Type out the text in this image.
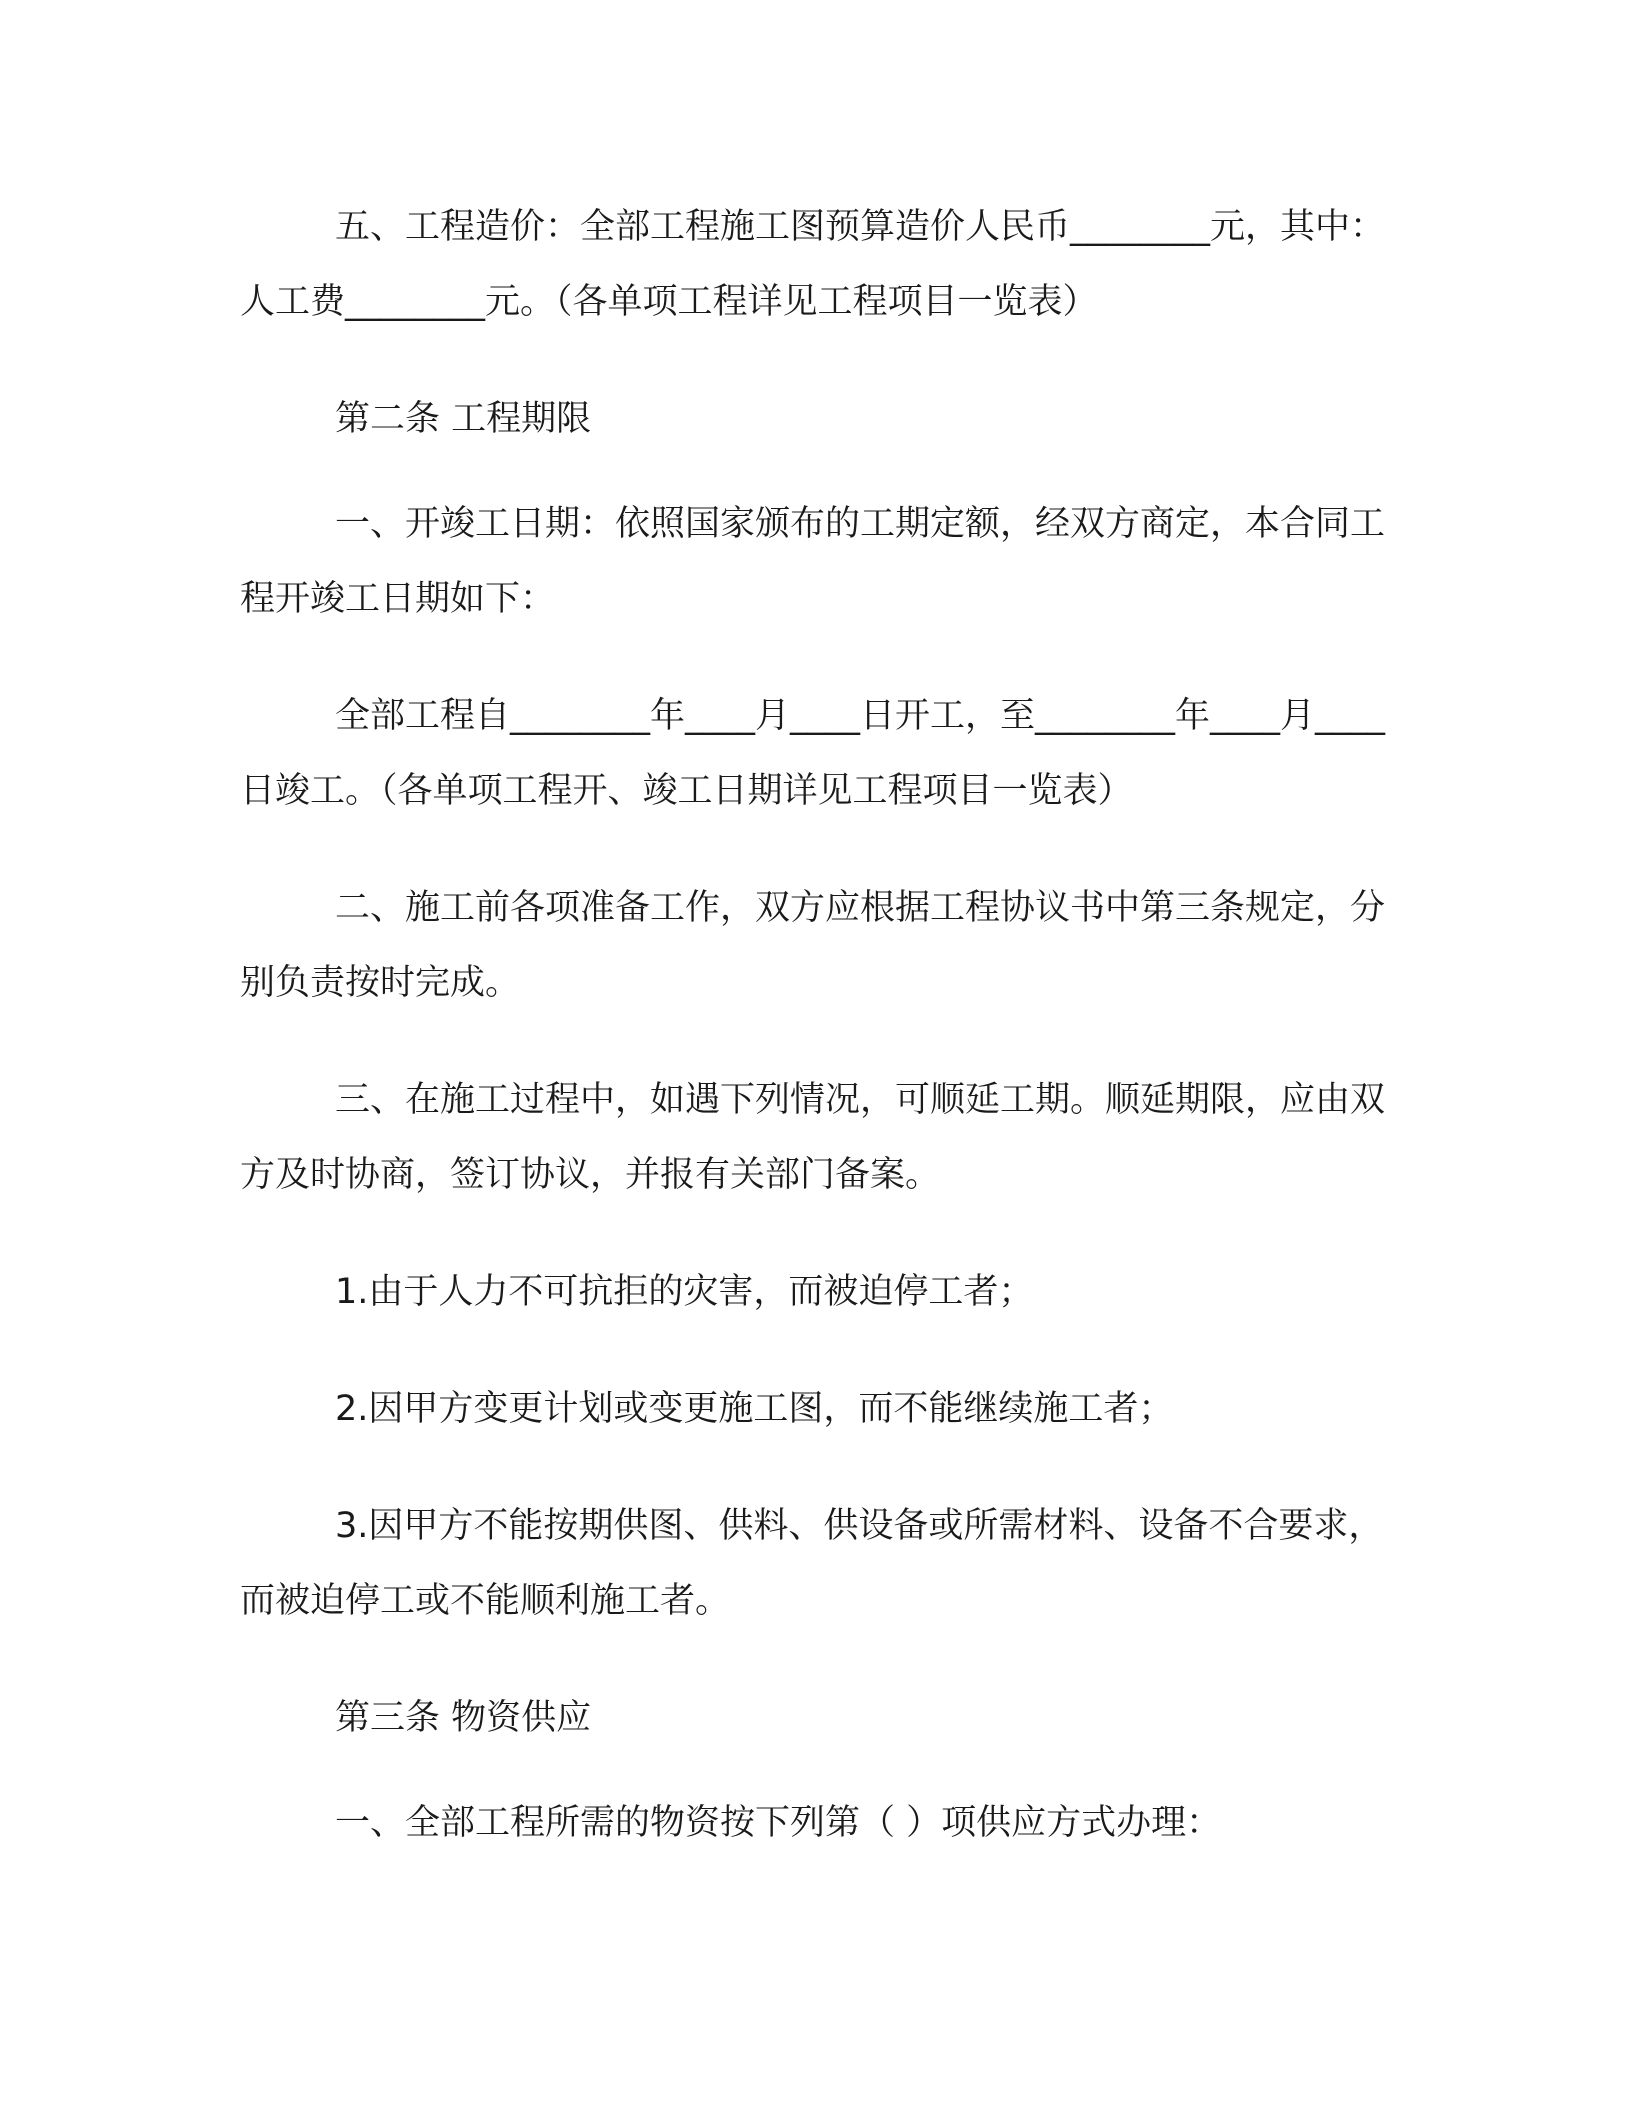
五、工程造价：全部工程施工图预算造价人民币________元，其中：人工费________元。（各单项工程详见工程项目一览表）

第二条 工程期限

一、开竣工日期：依照国家颁布的工期定额，经双方商定，本合同工程开竣工日期如下：

全部工程自________年____月____日开工，至________年____月____日竣工。（各单项工程开、竣工日期详见工程项目一览表）

二、施工前各项准备工作，双方应根据工程协议书中第三条规定，分别负责按时完成。

三、在施工过程中，如遇下列情况，可顺延工期。顺延期限，应由双方及时协商，签订协议，并报有关部门备案。

1.由于人力不可抗拒的灾害，而被迫停工者；

2.因甲方变更计划或变更施工图，而不能继续施工者；

3.因甲方不能按期供图、供料、供设备或所需材料、设备不合要求，而被迫停工或不能顺利施工者。

第三条 物资供应

一、全部工程所需的物资按下列第（ ）项供应方式办理：
